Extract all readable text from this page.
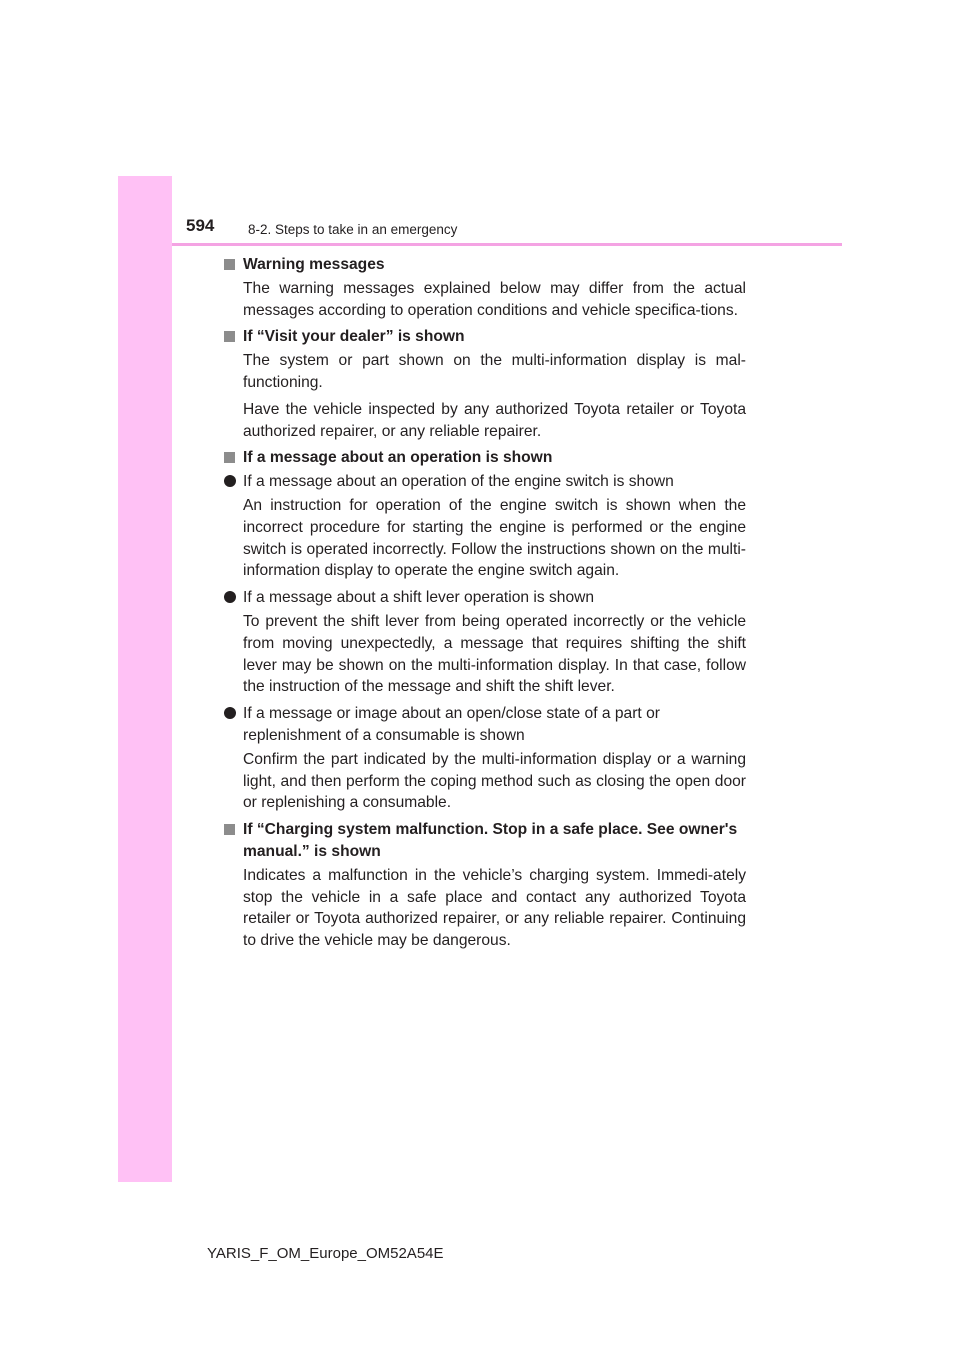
594 8-2. Steps to take in an emergency
Warning messages
The warning messages explained below may differ from the actual messages according to operation conditions and vehicle specifica-tions.
If “Visit your dealer” is shown
The system or part shown on the multi-information display is mal-functioning.
Have the vehicle inspected by any authorized Toyota retailer or Toyota authorized repairer, or any reliable repairer.
If a message about an operation is shown
If a message about an operation of the engine switch is shown
An instruction for operation of the engine switch is shown when the incorrect procedure for starting the engine is performed or the engine switch is operated incorrectly. Follow the instructions shown on the multi-information display to operate the engine switch again.
If a message about a shift lever operation is shown
To prevent the shift lever from being operated incorrectly or the vehicle from moving unexpectedly, a message that requires shifting the shift lever may be shown on the multi-information display. In that case, follow the instruction of the message and shift the shift lever.
If a message or image about an open/close state of a part or replenishment of a consumable is shown
Confirm the part indicated by the multi-information display or a warning light, and then perform the coping method such as closing the open door or replenishing a consumable.
If “Charging system malfunction. Stop in a safe place. See owner's manual.” is shown
Indicates a malfunction in the vehicle’s charging system. Immedi-ately stop the vehicle in a safe place and contact any authorized Toyota retailer or Toyota authorized repairer, or any reliable repairer. Continuing to drive the vehicle may be dangerous.
YARIS_F_OM_Europe_OM52A54E
